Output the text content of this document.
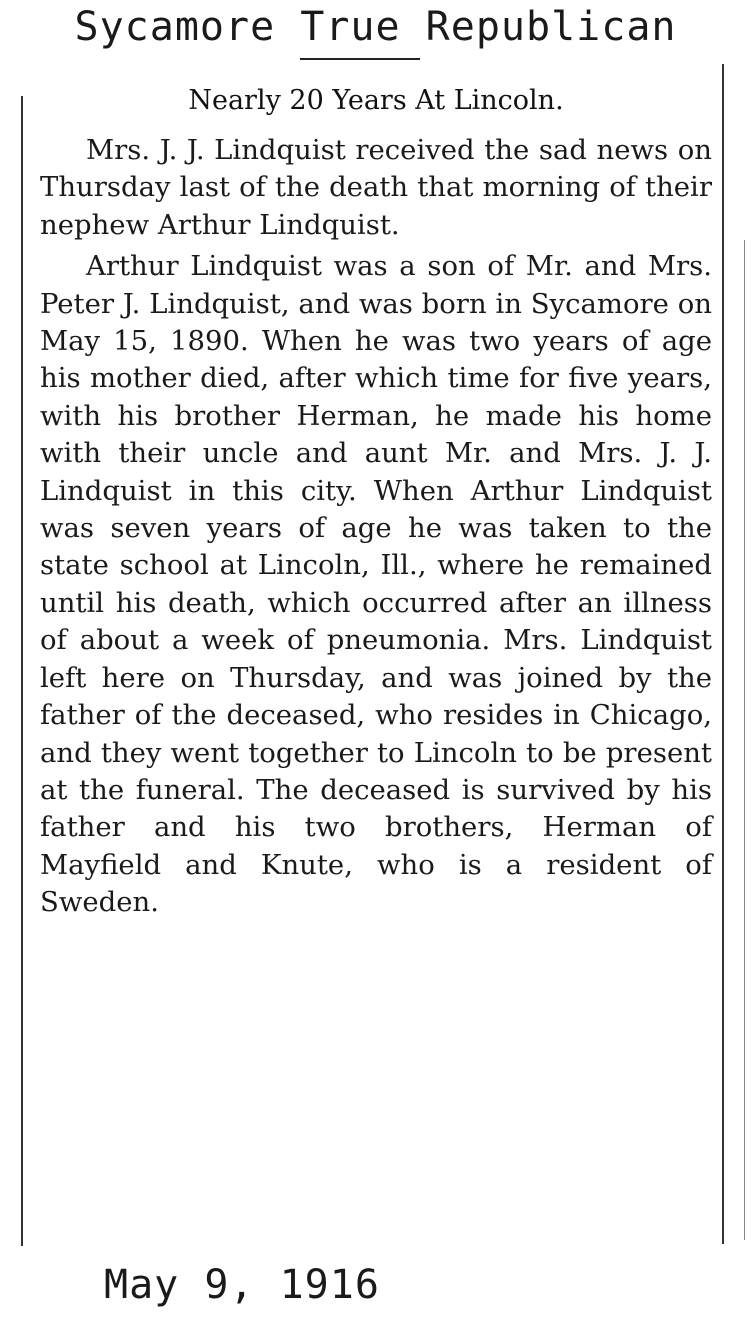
Sycamore True Republican
Nearly 20 Years At Lincoln.

Mrs. J. J. Lindquist received the sad news on Thursday last of the death that morning of their nephew Arthur Lindquist.

Arthur Lindquist was a son of Mr. and Mrs. Peter J. Lindquist, and was born in Sycamore on May 15, 1890. When he was two years of age his mother died, after which time for five years, with his brother Herman, he made his home with their uncle and aunt Mr. and Mrs. J. J. Lindquist in this city. When Arthur Lindquist was seven years of age he was taken to the state school at Lincoln, Ill., where he remained until his death, which occurred after an illness of about a week of pneumonia. Mrs. Lindquist left here on Thursday, and was joined by the father of the deceased, who resides in Chicago, and they went together to Lincoln to be present at the funeral. The deceased is survived by his father and his two brothers, Herman of Mayfield and Knute, who is a resident of Sweden.

May 9, 1916
